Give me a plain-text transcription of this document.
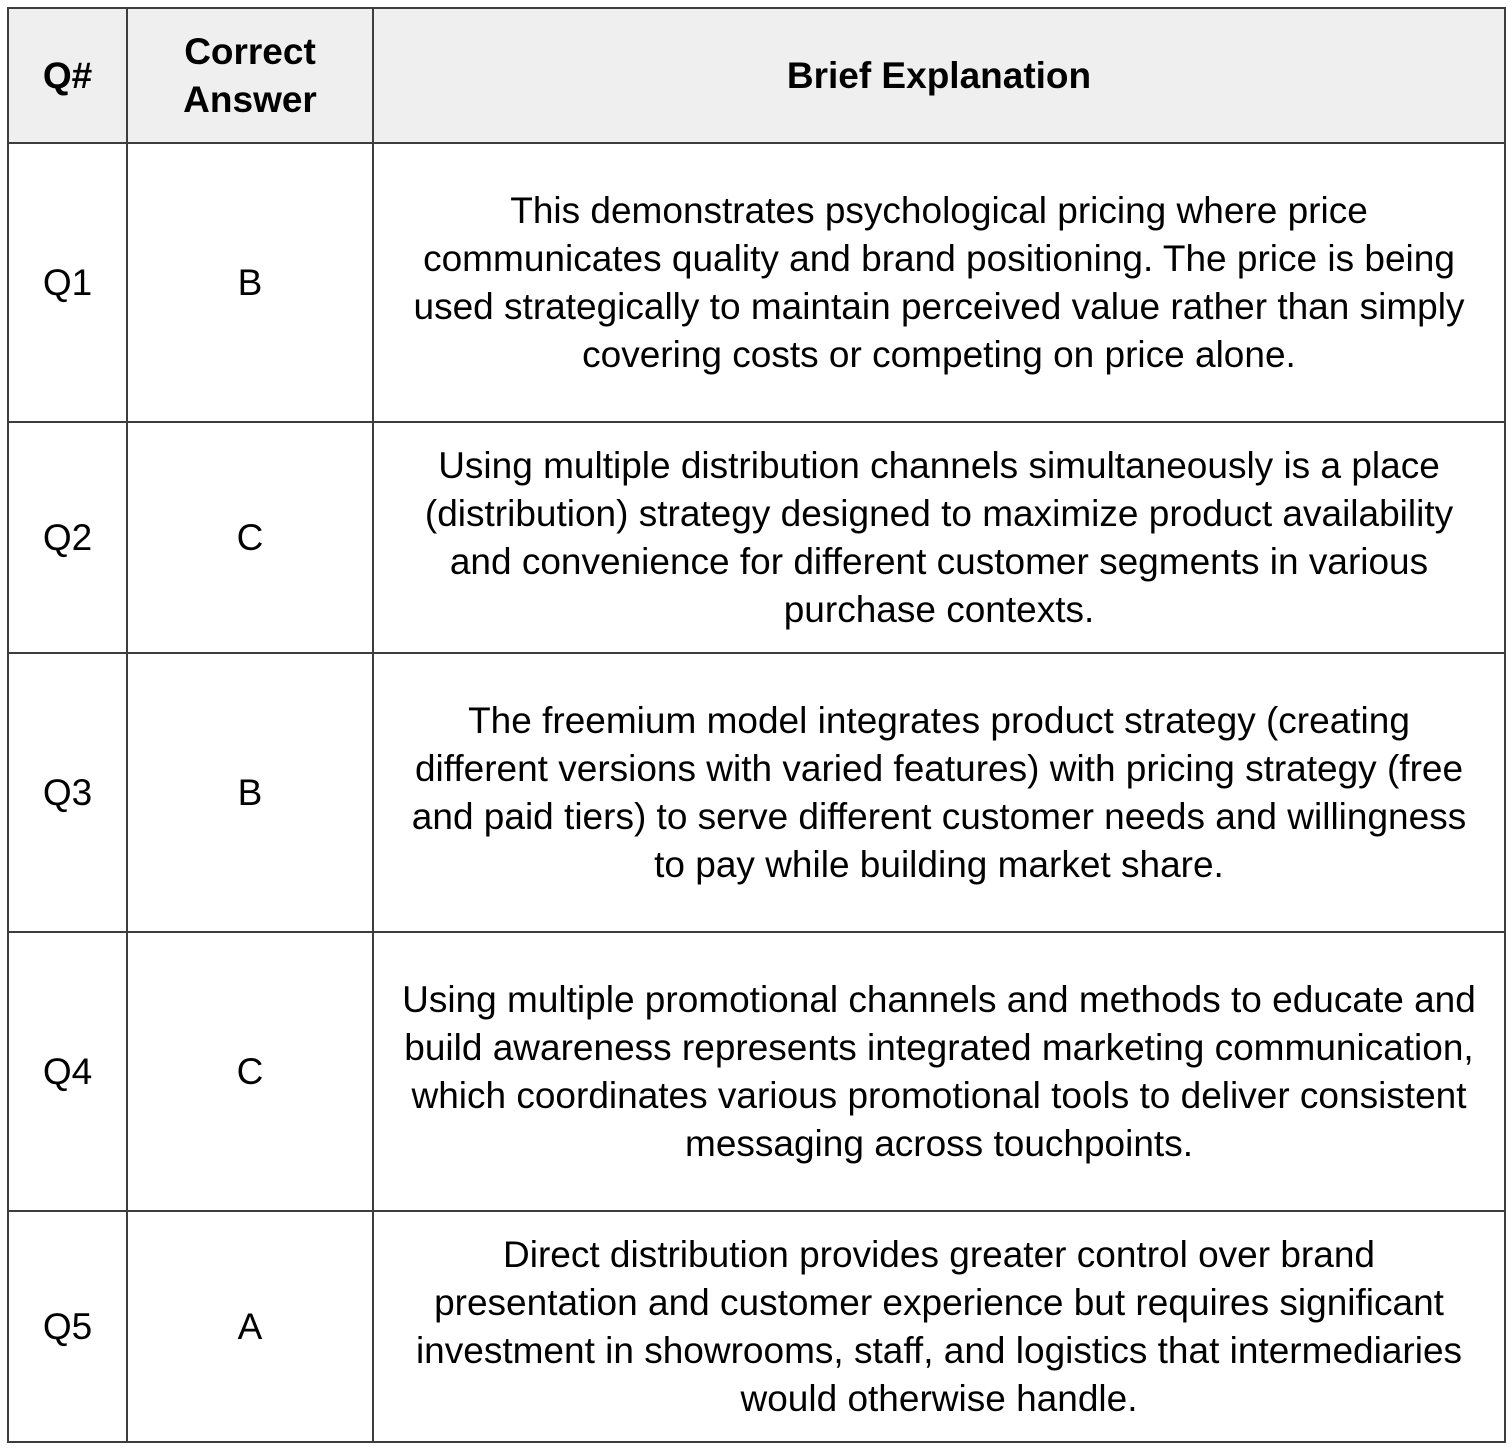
Q#	Correct Answer	Brief Explanation
Q1	B	This demonstrates psychological pricing where price communicates quality and brand positioning. The price is being used strategically to maintain perceived value rather than simply covering costs or competing on price alone.
Q2	C	Using multiple distribution channels simultaneously is a place (distribution) strategy designed to maximize product availability and convenience for different customer segments in various purchase contexts.
Q3	B	The freemium model integrates product strategy (creating different versions with varied features) with pricing strategy (free and paid tiers) to serve different customer needs and willingness to pay while building market share.
Q4	C	Using multiple promotional channels and methods to educate and build awareness represents integrated marketing communication, which coordinates various promotional tools to deliver consistent messaging across touchpoints.
Q5	A	Direct distribution provides greater control over brand presentation and customer experience but requires significant investment in showrooms, staff, and logistics that intermediaries would otherwise handle.
